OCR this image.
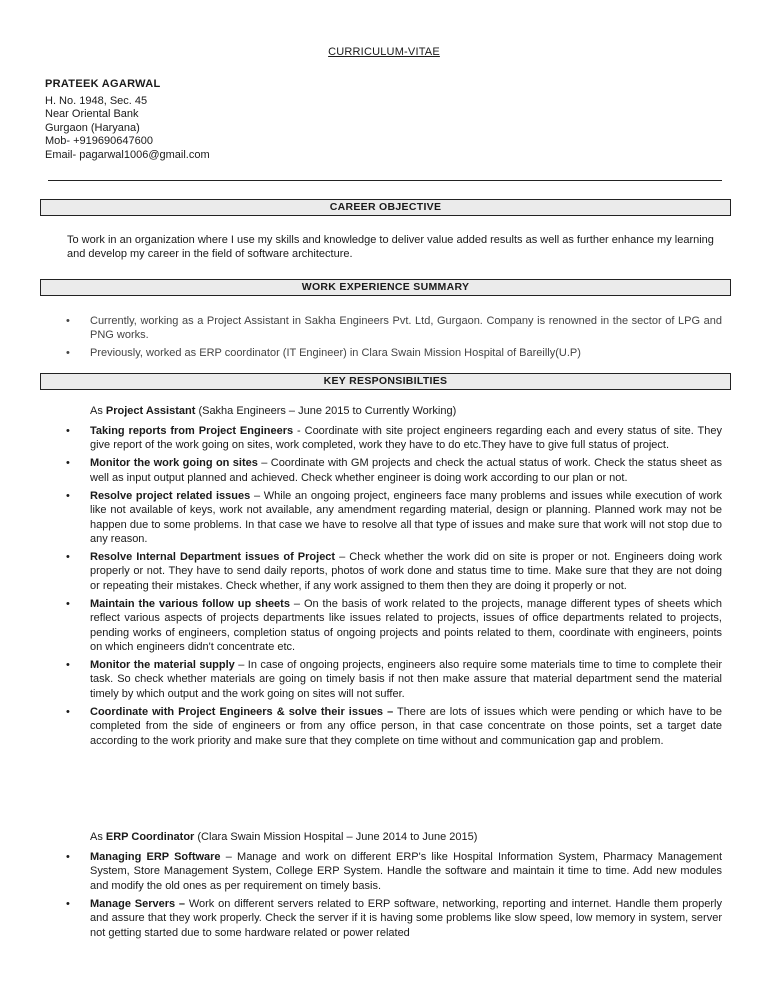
CURRICULUM-VITAE
PRATEEK AGARWAL
H. No. 1948, Sec. 45
Near Oriental Bank
Gurgaon (Haryana)
Mob- +919690647600
Email- pagarwal1006@gmail.com
CAREER OBJECTIVE
To work in an organization where I use my skills and knowledge to deliver value added results as well as further enhance my learning and develop my career in the field of software architecture.
WORK EXPERIENCE SUMMARY
• Currently, working as a Project Assistant in Sakha Engineers Pvt. Ltd, Gurgaon. Company is renowned in the sector of LPG and PNG works.
• Previously, worked as ERP coordinator (IT Engineer) in Clara Swain Mission Hospital of Bareilly(U.P)
KEY RESPONSIBILTIES
As Project Assistant (Sakha Engineers – June 2015 to Currently Working)
• Taking reports from Project Engineers - Coordinate with site project engineers regarding each and every status of site. They give report of the work going on sites, work completed, work they have to do etc.They have to give full status of project.
• Monitor the work going on sites – Coordinate with GM projects and check the actual status of work. Check the status sheet as well as input output planned and achieved. Check whether engineer is doing work according to our plan or not.
• Resolve project related issues – While an ongoing project, engineers face many problems and issues while execution of work like not available of keys, work not available, any amendment regarding material, design or planning. Planned work may not be happen due to some problems. In that case we have to resolve all that type of issues and make sure that work will not stop due to any reason.
• Resolve Internal Department issues of Project – Check whether the work did on site is proper or not. Engineers doing work properly or not. They have to send daily reports, photos of work done and status time to time. Make sure that they are not doing or repeating their mistakes. Check whether, if any work assigned to them then they are doing it properly or not.
• Maintain the various follow up sheets – On the basis of work related to the projects, manage different types of sheets which reflect various aspects of projects departments like issues related to projects, issues of office departments related to projects, pending works of engineers, completion status of ongoing projects and points related to them, coordinate with engineers, points on which engineers didn't concentrate etc.
• Monitor the material supply – In case of ongoing projects, engineers also require some materials time to time to complete their task. So check whether materials are going on timely basis if not then make assure that material department send the material timely by which output and the work going on sites will not suffer.
• Coordinate with Project Engineers & solve their issues – There are lots of issues which were pending or which have to be completed from the side of engineers or from any office person, in that case concentrate on those points, set a target date according to the work priority and make sure that they complete on time without and communication gap and problem.
As ERP Coordinator (Clara Swain Mission Hospital – June 2014 to June 2015)
• Managing ERP Software – Manage and work on different ERP's like Hospital Information System, Pharmacy Management System, Store Management System, College ERP System. Handle the software and maintain it time to time. Add new modules and modify the old ones as per requirement on timely basis.
• Manage Servers – Work on different servers related to ERP software, networking, reporting and internet. Handle them properly and assure that they work properly. Check the server if it is having some problems like slow speed, low memory in system, server not getting started due to some hardware related or power related
